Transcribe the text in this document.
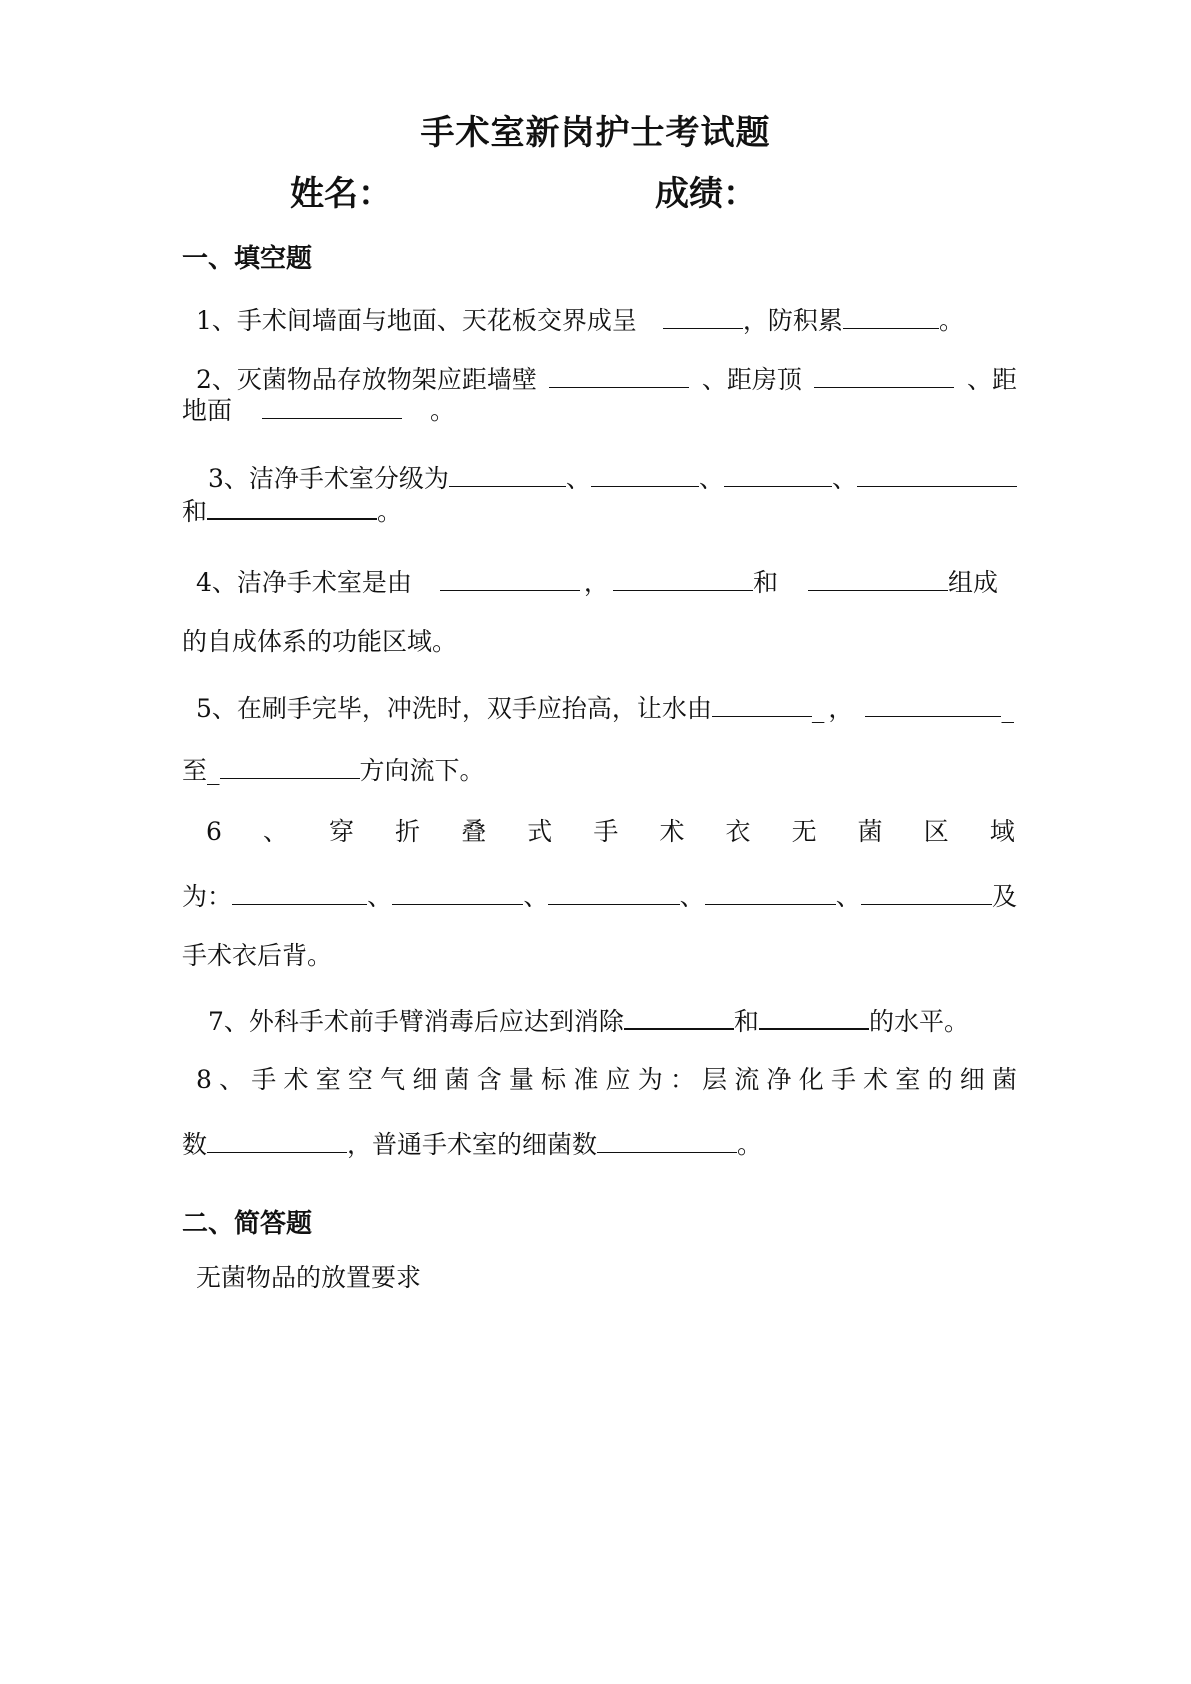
手术室新岗护士考试题
姓名：	成绩：
一、填空题
1、手术间墙面与地面、天花板交界成呈	，防积累	。
2、灭菌物品存放物架应距墙壁	、距房顶	、距
地面	。
3、洁净手术室分级为	、	、	、
和	。
4、洁净手术室是由	，	和	组成
的自成体系的功能区域。
5、在刷手完毕，冲洗时，双手应抬高，让水由	_ ，	_
至_	方向流下。
6 、 穿 折 叠 式 手 术 衣 无 菌 区 域
为：	、	、	、	、	及
手术衣后背。
7、外科手术前手臂消毒后应达到消除	和	的水平。
8 、 手 术 室 空 气 细 菌 含 量 标 准 应 为 ： 层 流 净 化 手 术 室 的 细 菌
数	，普通手术室的细菌数	。
二、简答题
无菌物品的放置要求
